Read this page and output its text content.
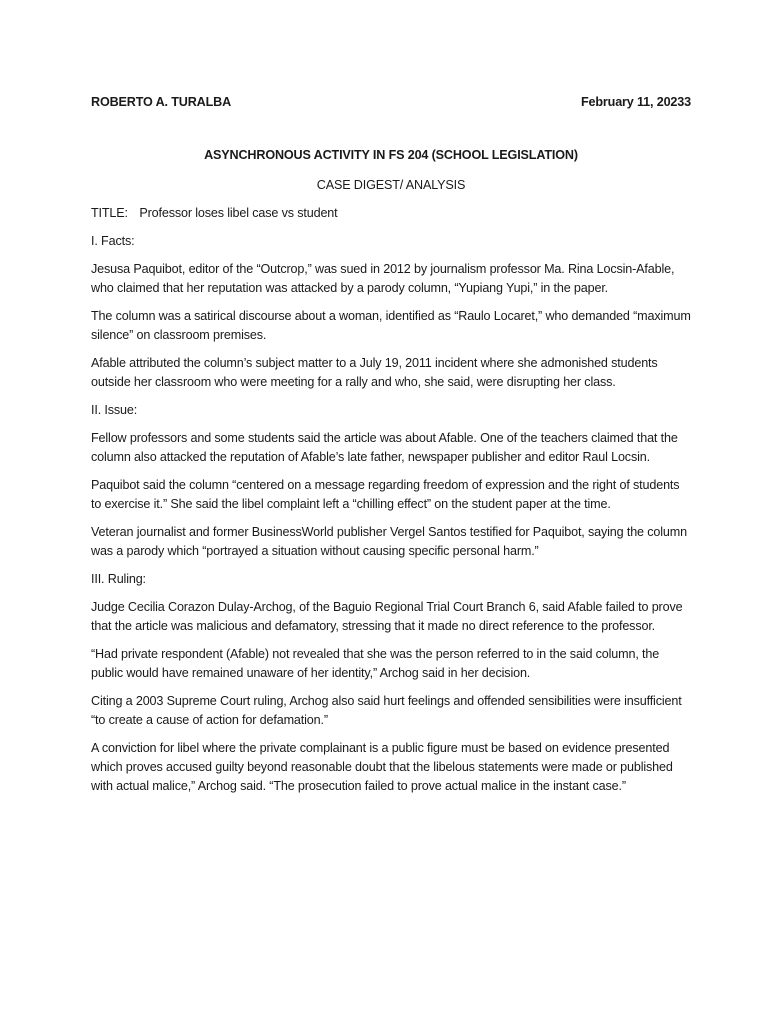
ROBERTO A. TURALBA	February 11, 20233
ASYNCHRONOUS ACTIVITY IN FS 204 (SCHOOL LEGISLATION)
CASE DIGEST/ ANALYSIS
TITLE: Professor loses libel case vs student
I. Facts:
Jesusa Paquibot, editor of the “Outcrop,” was sued in 2012 by journalism professor Ma. Rina Locsin-Afable, who claimed that her reputation was attacked by a parody column, “Yupiang Yupi,” in the paper.
The column was a satirical discourse about a woman, identified as “Raulo Locaret,” who demanded “maximum silence” on classroom premises.
Afable attributed the column’s subject matter to a July 19, 2011 incident where she admonished students outside her classroom who were meeting for a rally and who, she said, were disrupting her class.
II. Issue:
Fellow professors and some students said the article was about Afable. One of the teachers claimed that the column also attacked the reputation of Afable’s late father, newspaper publisher and editor Raul Locsin.
Paquibot said the column “centered on a message regarding freedom of expression and the right of students to exercise it.” She said the libel complaint left a “chilling effect” on the student paper at the time.
Veteran journalist and former BusinessWorld publisher Vergel Santos testified for Paquibot, saying the column was a parody which “portrayed a situation without causing specific personal harm.”
III. Ruling:
Judge Cecilia Corazon Dulay-Archog, of the Baguio Regional Trial Court Branch 6, said Afable failed to prove that the article was malicious and defamatory, stressing that it made no direct reference to the professor.
“Had private respondent (Afable) not revealed that she was the person referred to in the said column, the public would have remained unaware of her identity,” Archog said in her decision.
Citing a 2003 Supreme Court ruling, Archog also said hurt feelings and offended sensibilities were insufficient “to create a cause of action for defamation.”
A conviction for libel where the private complainant is a public figure must be based on evidence presented which proves accused guilty beyond reasonable doubt that the libelous statements were made or published with actual malice,” Archog said. “The prosecution failed to prove actual malice in the instant case.”
